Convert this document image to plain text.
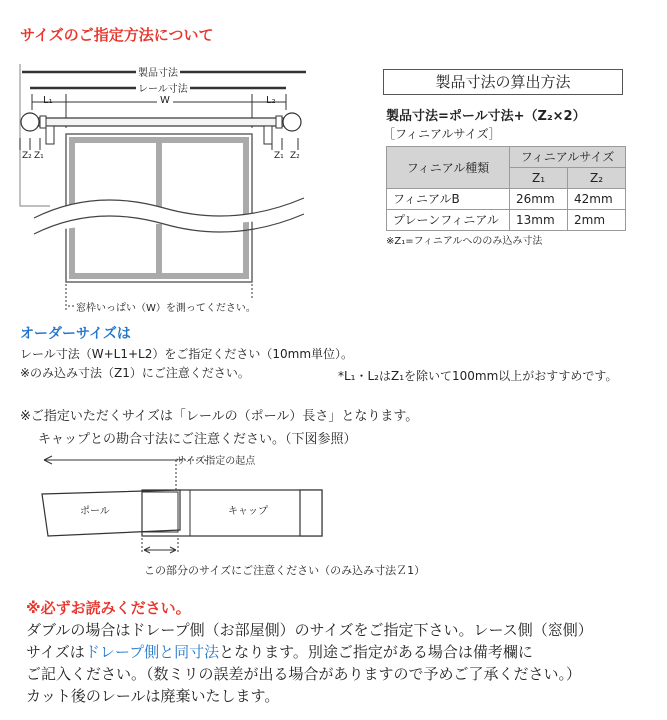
サイズのご指定方法について
製品寸法
レール寸法
W
L₁	L₂
Z₂ Z₁	Z₁ Z₂
窓枠いっぱい（W）を測ってください。
製品寸法の算出方法
製品寸法=ポール寸法+（Z₂×2）
［フィニアルサイズ］
フィニアル種類	フィニアルサイズ	
	Z₁	Z₂
フィニアルB	26mm	42mm
プレーンフィニアル	13mm	2mm
※Z₁=フィニアルへののみ込み寸法
オーダーサイズは
レール寸法（W+L1+L2）をご指定ください（10mm単位）。
※のみ込み寸法（Z1）にご注意ください。	*L₁・L₂はZ₁を除いて100mm以上がおすすめです。
※ご指定いただくサイズは「レールの（ポール）長さ」となります。
キャップとの勘合寸法にご注意ください。（下図参照）
サイズ指定の起点
ポール	キャップ
この部分のサイズにご注意ください（のみ込み寸法Ｚ1）
※必ずお読みください。
ダブルの場合はドレープ側（お部屋側）のサイズをご指定下さい。レース側（窓側）
サイズはドレープ側と同寸法となります。別途ご指定がある場合は備考欄に
ご記入ください。（数ミリの誤差が出る場合がありますので予めご了承ください。）
カット後のレールは廃棄いたします。
